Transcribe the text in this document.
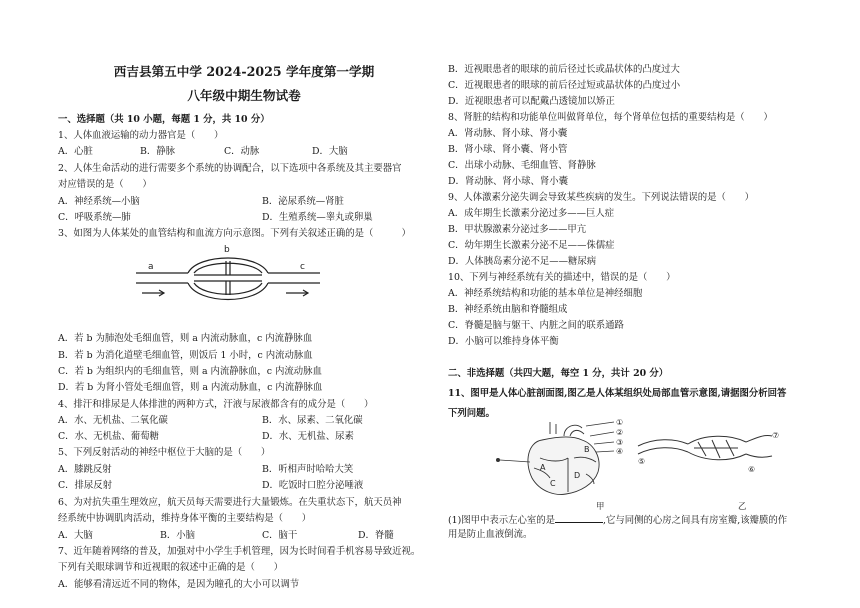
西吉县第五中学 2024-2025 学年度第一学期
八年级中期生物试卷
一、选择题（共 10 小题，每题 1 分，共 10 分）
1、人体血液运输的动力器官是（　　）
A．心脏	B．静脉	C．动脉	D．大脑
2、人体生命活动的进行需要多个系统的协调配合，以下选项中各系统及其主要器官
对应错误的是（　　）
A．神经系统—小脑	B．泌尿系统—肾脏
C．呼吸系统—肺	D．生殖系统—睾丸或卵巢
3、如图为人体某处的血管结构和血流方向示意图。下列有关叙述正确的是（　　　）
a
b
c
A．若 b 为肺泡处毛细血管，则 a 内流动脉血，c 内流静脉血
B．若 b 为消化道壁毛细血管，则饭后 1 小时，c 内流动脉血
C．若 b 为组织内的毛细血管，则 a 内流静脉血，c 内流动脉血
D．若 b 为肾小管处毛细血管，则 a 内流动脉血，c 内流静脉血
4、排汗和排尿是人体排泄的两种方式，汗液与尿液都含有的成分是（　　）
A．水、无机盐、二氧化碳	B．水、尿素、二氧化碳
C．水、无机盐、葡萄糖	D．水、无机盐、尿素
5、下列反射活动的神经中枢位于大脑的是（　　）
A．膝跳反射	B．听相声时哈哈大笑
C．排尿反射	D．吃饭时口腔分泌唾液
6、为对抗失重生理效应，航天员每天需要进行大量锻炼。在失重状态下，航天员神
经系统中协调肌肉活动，维持身体平衡的主要结构是（　　）
A．大脑	B．小脑	C．脑干	D．脊髓
7、近年随着网络的普及，加强对中小学生手机管理，因为长时间看手机容易导致近视。
下列有关眼球调节和近视眼的叙述中正确的是（　　）
A．能够看清远近不同的物体，是因为瞳孔的大小可以调节
B．近视眼患者的眼球的前后径过长或晶状体的凸度过大
C．近视眼患者的眼球的前后径过短或晶状体的凸度过小
D．近视眼患者可以配戴凸透镜加以矫正
8、肾脏的结构和功能单位叫做肾单位，每个肾单位包括的重要结构是（　　）
A．肾动脉、肾小球、肾小囊
B．肾小球、肾小囊、肾小管
C．出球小动脉、毛细血管、肾静脉
D．肾动脉、肾小球、肾小囊
9、人体激素分泌失调会导致某些疾病的发生。下列说法错误的是（　　）
A．成年期生长激素分泌过多——巨人症
B．甲状腺激素分泌过多——甲亢
C．幼年期生长激素分泌不足——侏儒症
D．人体胰岛素分泌不足——糖尿病
10、下列与神经系统有关的描述中，错误的是（　　）
A．神经系统结构和功能的基本单位是神经细胞
B．神经系统由脑和脊髓组成
C．脊髓是脑与躯干、内脏之间的联系通路
D．小脑可以维持身体平衡
二、非选择题（共四大题，每空 1 分，共计 20 分）
11、图甲是人体心脏剖面图,图乙是人体某组织处局部血管示意图,请据图分析回答
下列问题。
①
②
③
④
A
B
C
D
甲
⑤
⑥
⑦
乙
(1)图甲中表示左心室的是	,它与同侧的心房之间具有房室瓣,该瓣膜的作
用是防止血液倒流。
